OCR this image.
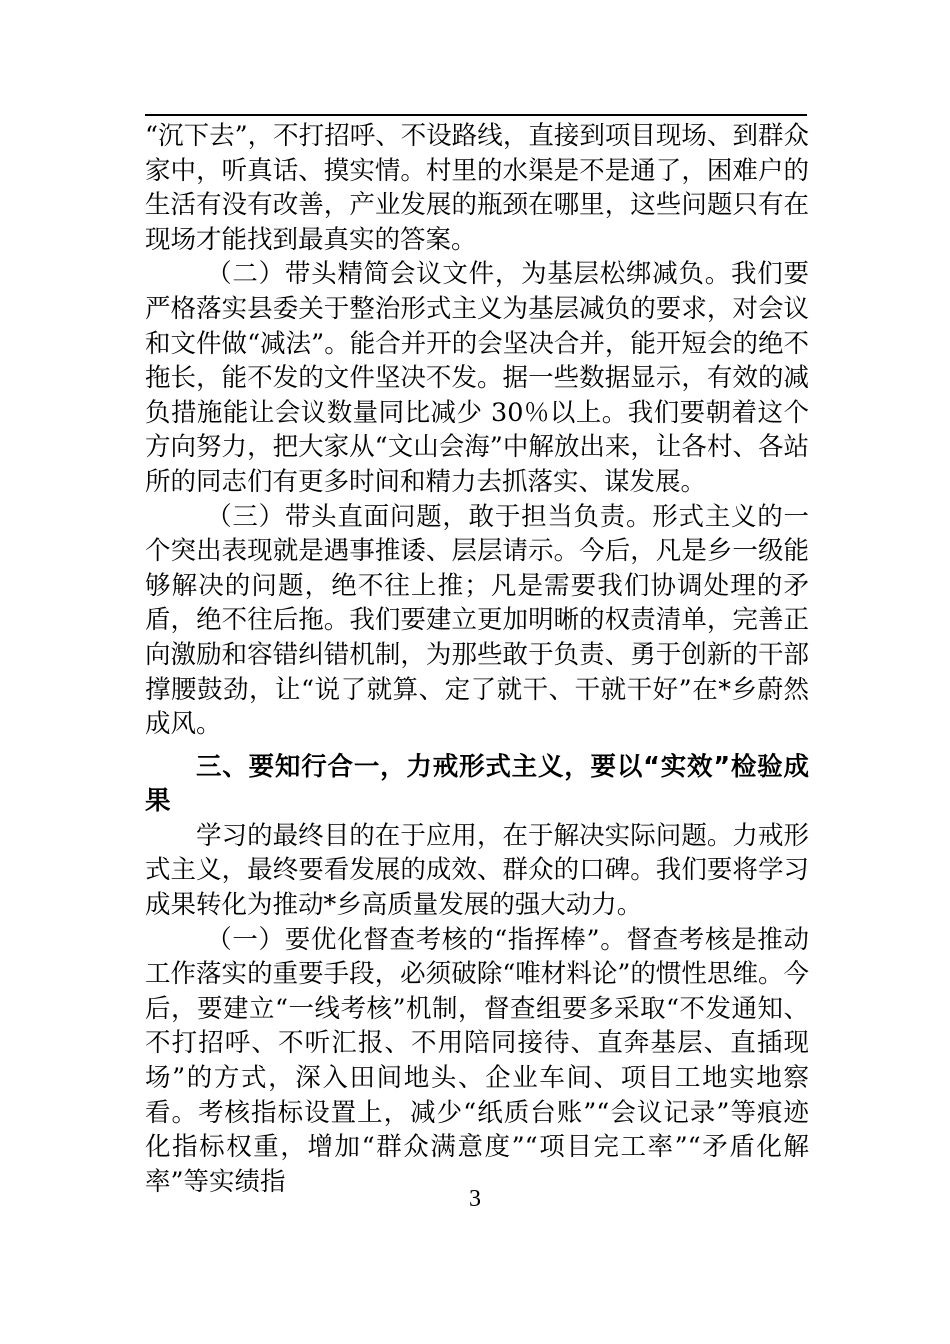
“沉下去”，不打招呼、不设路线，直接到项目现场、到群众家中，听真话、摸实情。村里的水渠是不是通了，困难户的生活有没有改善，产业发展的瓶颈在哪里，这些问题只有在现场才能找到最真实的答案。

（二）带头精简会议文件，为基层松绑减负。我们要严格落实县委关于整治形式主义为基层减负的要求，对会议和文件做“减法”。能合并开的会坚决合并，能开短会的绝不拖长，能不发的文件坚决不发。据一些数据显示，有效的减负措施能让会议数量同比减少 30％以上。我们要朝着这个方向努力，把大家从“文山会海”中解放出来，让各村、各站所的同志们有更多时间和精力去抓落实、谋发展。

（三）带头直面问题，敢于担当负责。形式主义的一个突出表现就是遇事推诿、层层请示。今后，凡是乡一级能够解决的问题，绝不往上推；凡是需要我们协调处理的矛盾，绝不往后拖。我们要建立更加明晰的权责清单，完善正向激励和容错纠错机制，为那些敢于负责、勇于创新的干部撑腰鼓劲，让“说了就算、定了就干、干就干好”在*乡蔚然成风。

三、要知行合一，力戒形式主义，要以“实效”检验成果

学习的最终目的在于应用，在于解决实际问题。力戒形式主义，最终要看发展的成效、群众的口碑。我们要将学习成果转化为推动*乡高质量发展的强大动力。

（一）要优化督查考核的“指挥棒”。督查考核是推动工作落实的重要手段，必须破除“唯材料论”的惯性思维。今后，要建立“一线考核”机制，督查组要多采取“不发通知、不打招呼、不听汇报、不用陪同接待、直奔基层、直插现场”的方式，深入田间地头、企业车间、项目工地实地察看。考核指标设置上，减少“纸质台账”“会议记录”等痕迹化指标权重，增加“群众满意度”“项目完工率”“矛盾化解率”等实绩指

3
